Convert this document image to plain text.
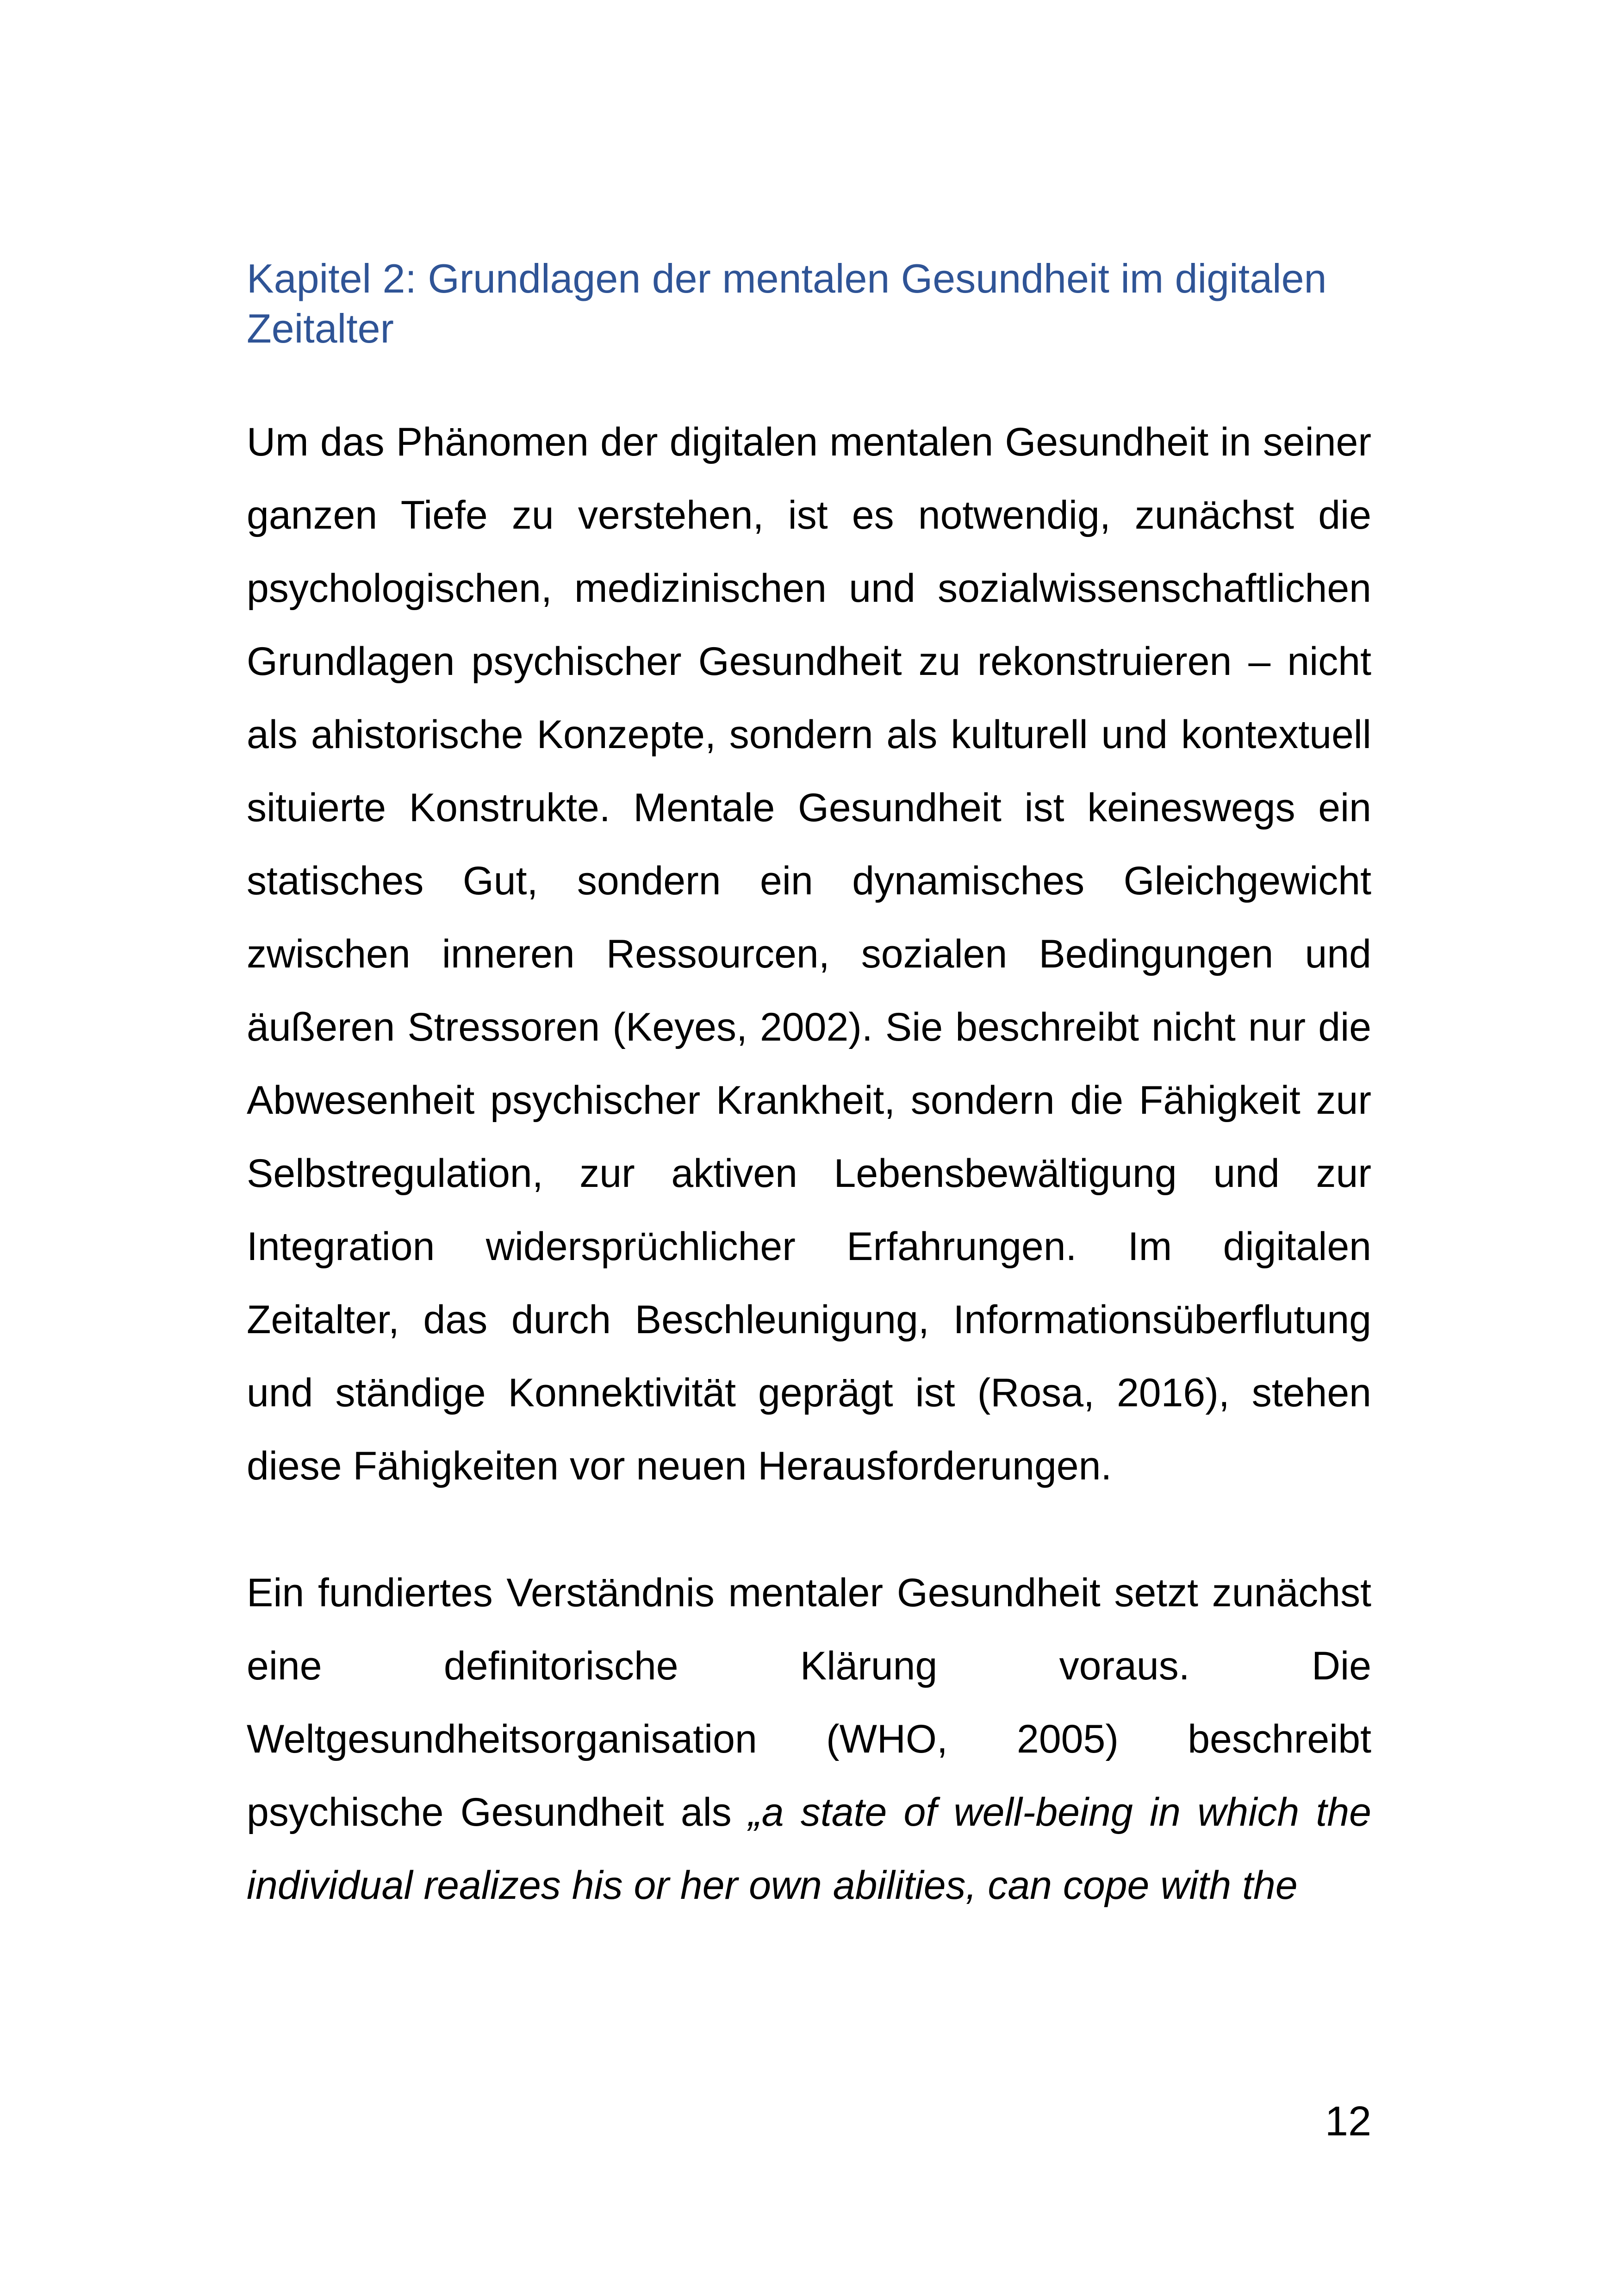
Kapitel 2: Grundlagen der mentalen Gesundheit im digitalen Zeitalter

Um das Phänomen der digitalen mentalen Gesundheit in seiner ganzen Tiefe zu verstehen, ist es notwendig, zunächst die psychologischen, medizinischen und sozialwissenschaftlichen Grundlagen psychischer Gesundheit zu rekonstruieren – nicht als ahistorische Konzepte, sondern als kulturell und kontextuell situierte Konstrukte. Mentale Gesundheit ist keineswegs ein statisches Gut, sondern ein dynamisches Gleichgewicht zwischen inneren Ressourcen, sozialen Bedingungen und äußeren Stressoren (Keyes, 2002). Sie beschreibt nicht nur die Abwesenheit psychischer Krankheit, sondern die Fähigkeit zur Selbstregulation, zur aktiven Lebensbewältigung und zur Integration widersprüchlicher Erfahrungen. Im digitalen Zeitalter, das durch Beschleunigung, Informationsüberflutung und ständige Konnektivität geprägt ist (Rosa, 2016), stehen diese Fähigkeiten vor neuen Herausforderungen.

Ein fundiertes Verständnis mentaler Gesundheit setzt zunächst eine definitorische Klärung voraus. Die Weltgesundheitsorganisation (WHO, 2005) beschreibt psychische Gesundheit als „a state of well-being in which the individual realizes his or her own abilities, can cope with the

12
